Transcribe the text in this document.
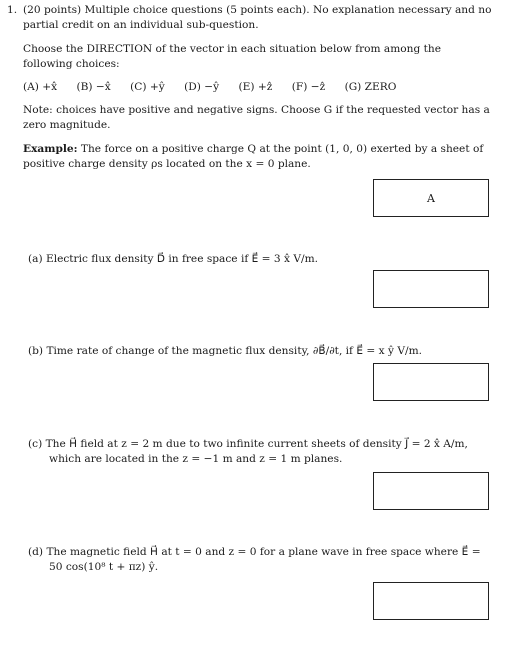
1. (20 points) Multiple choice questions (5 points each). No explanation necessary and no partial credit on an individual sub-question.
Choose the DIRECTION of the vector in each situation below from among the following choices:
(A) +x̂ (B) −x̂ (C) +ŷ (D) −ŷ (E) +ẑ (F) −ẑ (G) ZERO
Note: choices have positive and negative signs. Choose G if the requested vector has a zero magnitude.
Example: The force on a positive charge Q at the point (1, 0, 0) exerted by a sheet of positive charge density ρs located on the x = 0 plane.
A
(a) Electric flux density D⃗ in free space if E⃗ = 3 x̂ V/m.
(b) Time rate of change of the magnetic flux density, ∂B⃗/∂t, if E⃗ = x ŷ V/m.
(c) The H⃗ field at z = 2 m due to two infinite current sheets of density J⃗ = 2 x̂ A/m, which are located in the z = −1 m and z = 1 m planes.
(d) The magnetic field H⃗ at t = 0 and z = 0 for a plane wave in free space where E⃗ = 50 cos(10⁸ t + πz) ŷ.
